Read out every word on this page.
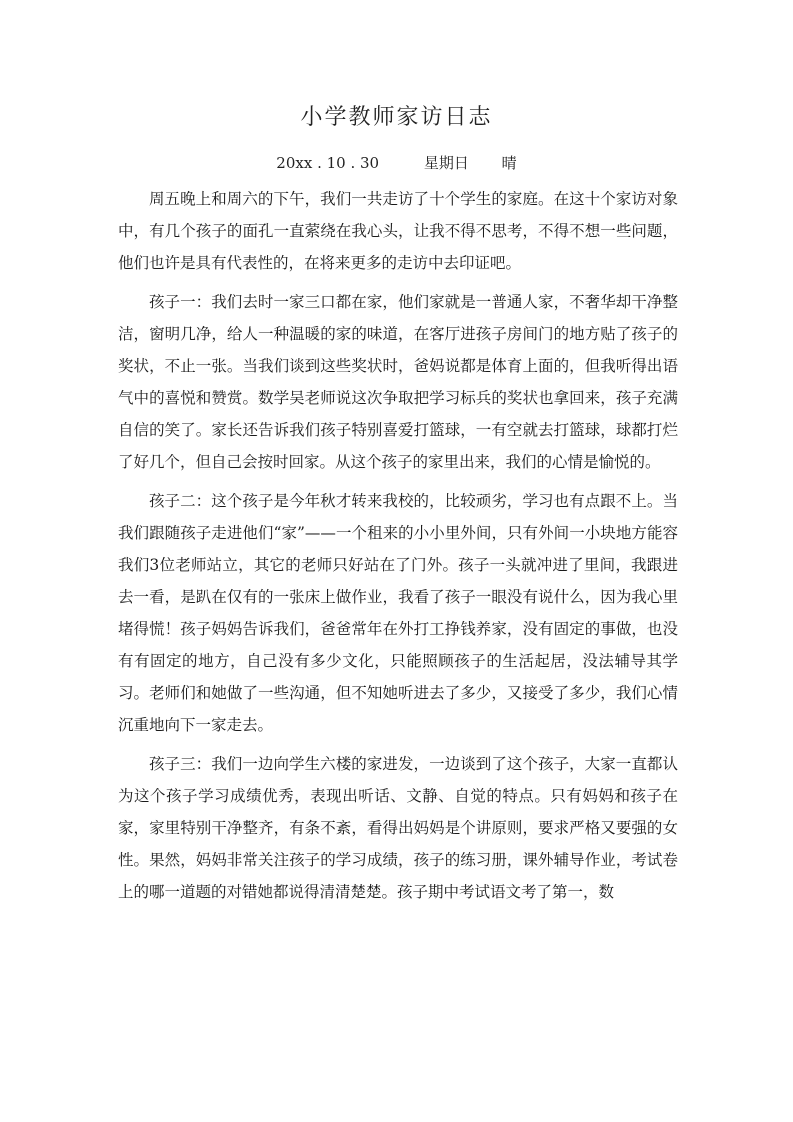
小学教师家访日志
20xx . 10 . 30	星期日 晴

周五晚上和周六的下午，我们一共走访了十个学生的家庭。在这十个家访对象中，有几个孩子的面孔一直萦绕在我心头，让我不得不思考，不得不想一些问题，他们也许是具有代表性的，在将来更多的走访中去印证吧。

孩子一：我们去时一家三口都在家，他们家就是一普通人家，不奢华却干净整洁，窗明几净，给人一种温暖的家的味道，在客厅进孩子房间门的地方贴了孩子的奖状，不止一张。当我们谈到这些奖状时，爸妈说都是体育上面的，但我听得出语气中的喜悦和赞赏。数学吴老师说这次争取把学习标兵的奖状也拿回来，孩子充满自信的笑了。家长还告诉我们孩子特别喜爱打篮球，一有空就去打篮球，球都打烂了好几个，但自己会按时回家。从这个孩子的家里出来，我们的心情是愉悦的。

孩子二：这个孩子是今年秋才转来我校的，比较顽劣，学习也有点跟不上。当我们跟随孩子走进他们“家”——一个租来的小小里外间，只有外间一小块地方能容我们3位老师站立，其它的老师只好站在了门外。孩子一头就冲进了里间，我跟进去一看，是趴在仅有的一张床上做作业，我看了孩子一眼没有说什么，因为我心里堵得慌！孩子妈妈告诉我们，爸爸常年在外打工挣钱养家，没有固定的事做，也没有有固定的地方，自己没有多少文化，只能照顾孩子的生活起居，没法辅导其学习。老师们和她做了一些沟通，但不知她听进去了多少，又接受了多少，我们心情沉重地向下一家走去。

孩子三：我们一边向学生六楼的家进发，一边谈到了这个孩子，大家一直都认为这个孩子学习成绩优秀，表现出听话、文静、自觉的特点。只有妈妈和孩子在家，家里特别干净整齐，有条不紊，看得出妈妈是个讲原则，要求严格又要强的女性。果然，妈妈非常关注孩子的学习成绩，孩子的练习册，课外辅导作业，考试卷上的哪一道题的对错她都说得清清楚楚。孩子期中考试语文考了第一，数
